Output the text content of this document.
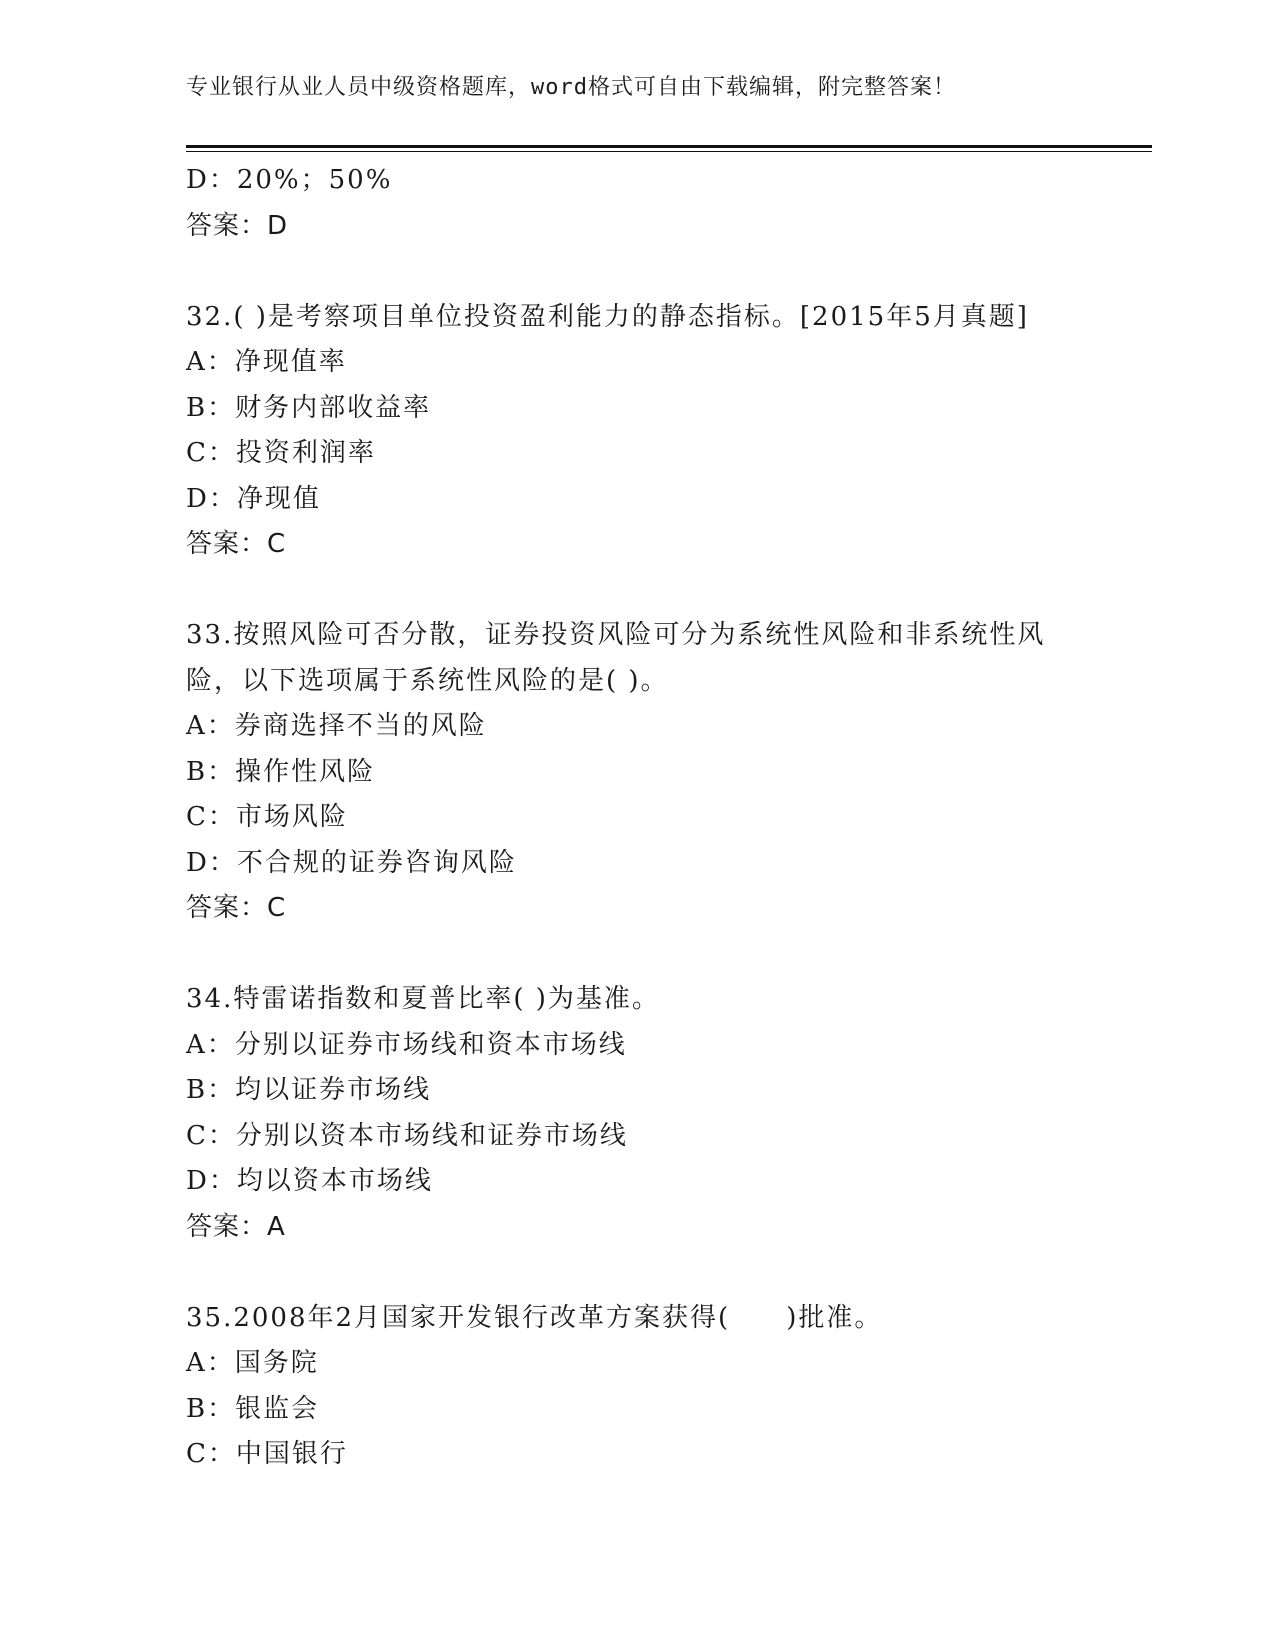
专业银行从业人员中级资格题库，word格式可自由下载编辑，附完整答案！
D：20%；50%
答案：D
32.( )是考察项目单位投资盈利能力的静态指标。[2015年5月真题]
A：净现值率
B：财务内部收益率
C：投资利润率
D：净现值
答案：C
33.按照风险可否分散，证券投资风险可分为系统性风险和非系统性风
险，以下选项属于系统性风险的是( )。
A：券商选择不当的风险
B：操作性风险
C：市场风险
D：不合规的证券咨询风险
答案：C
34.特雷诺指数和夏普比率( )为基准。
A：分别以证券市场线和资本市场线
B：均以证券市场线
C：分别以资本市场线和证券市场线
D：均以资本市场线
答案：A
35.2008年2月国家开发银行改革方案获得(　　)批准。
A：国务院
B：银监会
C：中国银行
